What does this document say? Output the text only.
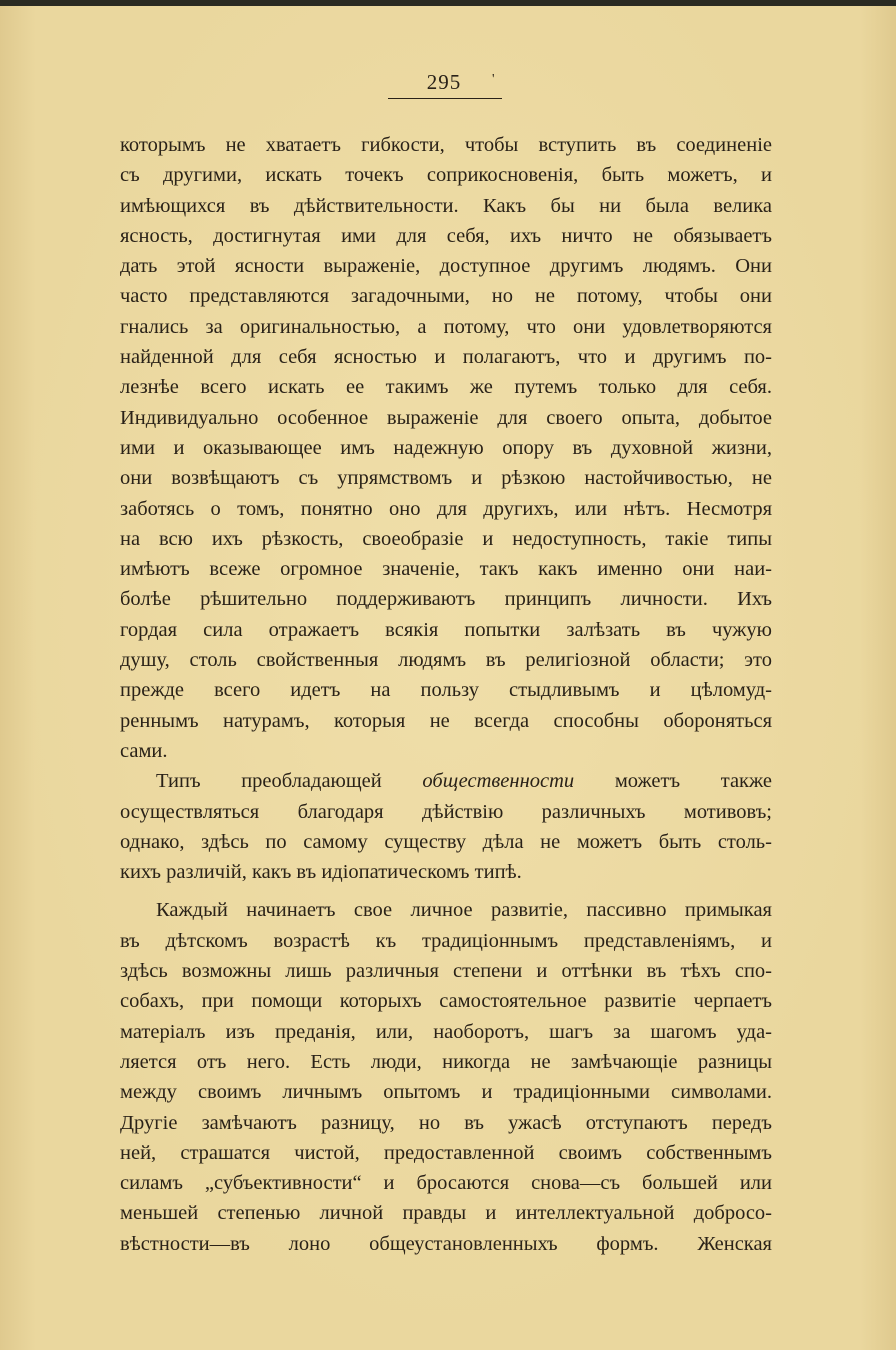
295	'
которымъ не хватаетъ гибкости, чтобы вступить въ соединеніе
съ другими, искать точекъ соприкосновенія, быть можетъ, и
имѣющихся въ дѣйствительности. Какъ бы ни была велика
ясность, достигнутая ими для себя, ихъ ничто не обязываетъ
дать этой ясности выраженіе, доступное другимъ людямъ. Они
часто представляются загадочными, но не потому, чтобы они
гнались за оригинальностью, а потому, что они удовлетворяются
найденной для себя ясностью и полагаютъ, что и другимъ по-
лезнѣе всего искать ее такимъ же путемъ только для себя.
Индивидуально особенное выраженіе для своего опыта, добытое
ими и оказывающее имъ надежную опору въ духовной жизни,
они возвѣщаютъ съ упрямствомъ и рѣзкою настойчивостью, не
заботясь о томъ, понятно оно для другихъ, или нѣтъ. Несмотря
на всю ихъ рѣзкость, своеобразіе и недоступность, такіе типы
имѣютъ всеже огромное значеніе, такъ какъ именно они наи-
болѣе рѣшительно поддерживаютъ принципъ личности. Ихъ
гордая сила отражаетъ всякія попытки залѣзать въ чужую
душу, столь свойственныя людямъ въ религіозной области; это
прежде всего идетъ на пользу стыдливымъ и цѣломуд-
реннымъ натурамъ, которыя не всегда способны обороняться
сами.
Типъ преобладающей общественности можетъ также
осуществляться благодаря дѣйствію различныхъ мотивовъ;
однако, здѣсь по самому существу дѣла не можетъ быть столь-
кихъ различій, какъ въ идіопатическомъ типѣ.
Каждый начинаетъ свое личное развитіе, пассивно примыкая
въ дѣтскомъ возрастѣ къ традиціоннымъ представленіямъ, и
здѣсь возможны лишь различныя степени и оттѣнки въ тѣхъ спо-
собахъ, при помощи которыхъ самостоятельное развитіе черпаетъ
матеріалъ изъ преданія, или, наоборотъ, шагъ за шагомъ уда-
ляется отъ него. Есть люди, никогда не замѣчающіе разницы
между своимъ личнымъ опытомъ и традиціонными символами.
Другіе замѣчаютъ разницу, но въ ужасѣ отступаютъ передъ
ней, страшатся чистой, предоставленной своимъ собственнымъ
силамъ „субъективности“ и бросаются снова—съ большей или
меньшей степенью личной правды и интеллектуальной добросо-
вѣстности—въ лоно общеустановленныхъ формъ. Женская
